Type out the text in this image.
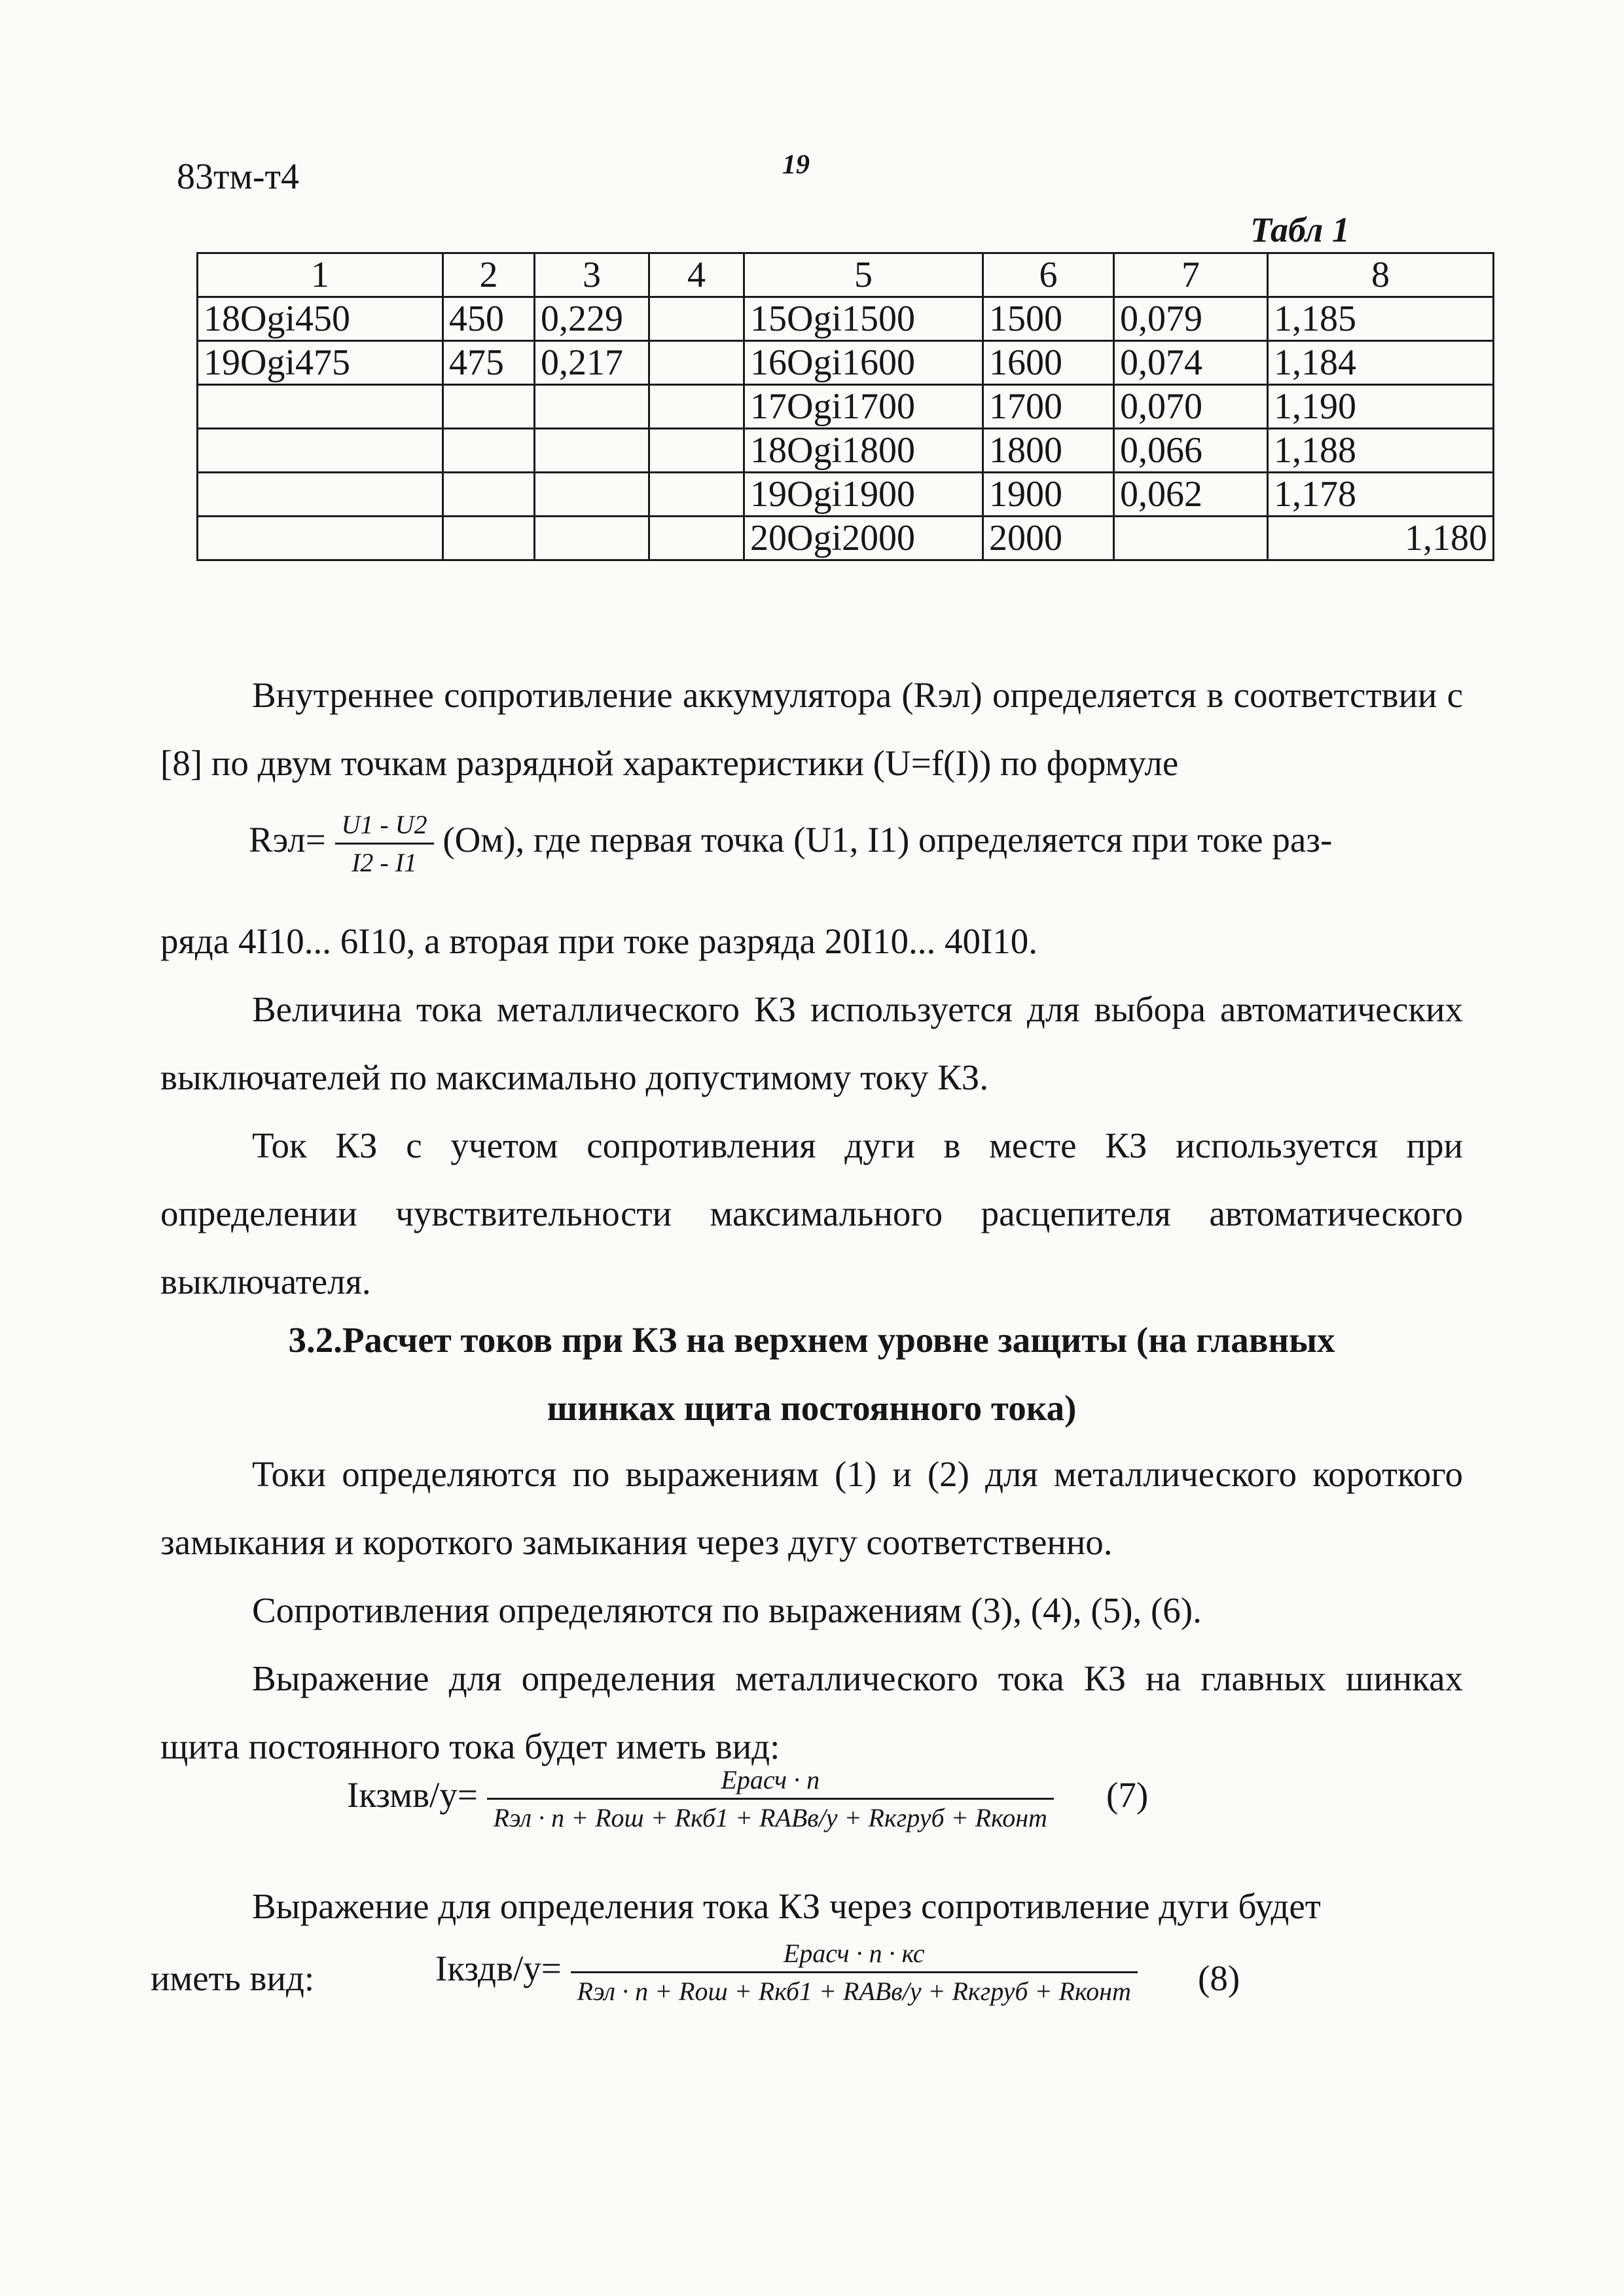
83тм-т4	19
Табл 1
1	2	3	4	5	6	7	8
18Ogi450	450	0,229		15Ogi1500	1500	0,079	1,185
19Ogi475	475	0,217		16Ogi1600	1600	0,074	1,184
				17Ogi1700	1700	0,070	1,190
				18Ogi1800	1800	0,066	1,188
				19Ogi1900	1900	0,062	1,178
				20Ogi2000	2000		1,180
Внутреннее сопротивление аккумулятора (Rэл) определяется в соответствии с [8] по двум точкам разрядной характеристики (U=f(I)) по формуле
$Rэл= \frac{U1 - U2}{I2 - I1} (Ом)$, где первая точка (U1, I1) определяется при токе раз-
ряда 4I10... 6I10, а вторая при токе разряда 20I10... 40I10.
Величина тока металлического КЗ используется для выбора автоматических выключателей по максимально допустимому току КЗ.
Ток КЗ с учетом сопротивления дуги в месте КЗ используется при определении чувствительности максимального расцепителя автоматического выключателя.
3.2.Расчет токов при КЗ на верхнем уровне защиты (на главных
шинках щита постоянного тока)
Токи определяются по выражениям (1) и (2) для металлического короткого замыкания и короткого замыкания через дугу соответственно.
Сопротивления определяются по выражениям (3), (4), (5), (6).
Выражение для определения металлического тока КЗ на главных шинках щита постоянного тока будет иметь вид:
Iкзмв/у= $\frac{\text{Eрасч · n}}{\text{Rэл · n + Rош + Rкб1 + RАВв/у + Rкгруб + Rконт}} (7)$
Выражение для определения тока КЗ через сопротивление дуги будет
иметь вид:	Iкздв/у= $\frac{\text{Eрасч · n · кс}}{\text{Rэл · n + Rош + Rкб1 + RАВв/у + Rкгруб + Rконт}} (8)$
